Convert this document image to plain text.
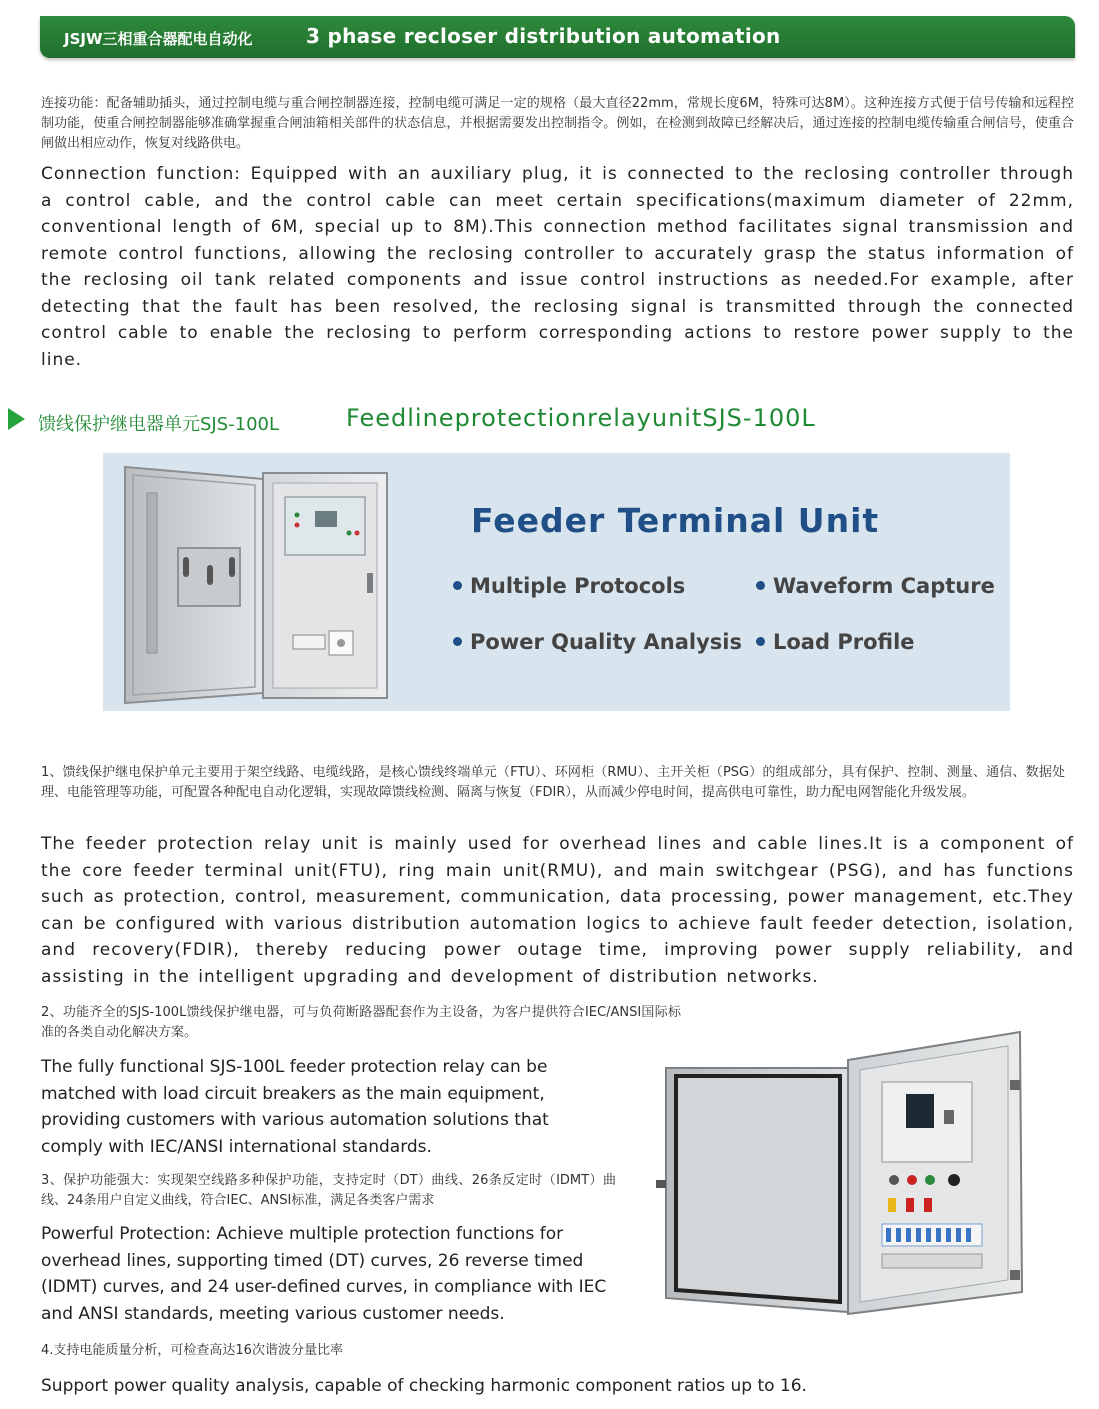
JSJW三相重合器配电自动化	3 phase recloser distribution automation
连接功能：配备辅助插头，通过控制电缆与重合闸控制器连接，控制电缆可满足一定的规格（最大直径22mm，常规长度6M，特殊可达8M）。这种连接方式便于信号传输和远程控制功能，使重合闸控制器能够准确掌握重合闸油箱相关部件的状态信息，并根据需要发出控制指令。例如，在检测到故障已经解决后，通过连接的控制电缆传输重合闸信号，使重合闸做出相应动作，恢复对线路供电。
Connection function: Equipped with an auxiliary plug, it is connected to the reclosing controller through a control cable, and the control cable can meet certain specifications(maximum diameter of 22mm, conventional length of 6M, special up to 8M).This connection method facilitates signal transmission and remote control functions, allowing the reclosing controller to accurately grasp the status information of the reclosing oil tank related components and issue control instructions as needed.For example, after detecting that the fault has been resolved, the reclosing signal is transmitted through the connected control cable to enable the reclosing to perform corresponding actions to restore power supply to the line.
馈线保护继电器单元SJS-100L	FeedlineprotectionrelayunitSJS-100L
Feeder Terminal Unit
Multiple Protocols	Waveform Capture
Power Quality Analysis	Load Profile
1、馈线保护继电保护单元主要用于架空线路、电缆线路，是核心馈线终端单元（FTU）、环网柜（RMU）、主开关柜（PSG）的组成部分，具有保护、控制、测量、通信、数据处理、电能管理等功能，可配置各种配电自动化逻辑，实现故障馈线检测、隔离与恢复（FDIR），从而减少停电时间，提高供电可靠性，助力配电网智能化升级发展。
The feeder protection relay unit is mainly used for overhead lines and cable lines.It is a component of the core feeder terminal unit(FTU), ring main unit(RMU), and main switchgear (PSG), and has functions such as protection, control, measurement, communication, data processing, power management, etc.They can be configured with various distribution automation logics to achieve fault feeder detection, isolation, and recovery(FDIR), thereby reducing power outage time, improving power supply reliability, and assisting in the intelligent upgrading and development of distribution networks.
2、功能齐全的SJS-100L馈线保护继电器，可与负荷断路器配套作为主设备，为客户提供符合IEC/ANSI国际标准的各类自动化解决方案。
The fully functional SJS-100L feeder protection relay can be matched with load circuit breakers as the main equipment, providing customers with various automation solutions that comply with IEC/ANSI international standards.
3、保护功能强大：实现架空线路多种保护功能，支持定时（DT）曲线、26条反定时（IDMT）曲线、24条用户自定义曲线，符合IEC、ANSI标准，满足各类客户需求
Powerful Protection: Achieve multiple protection functions for overhead lines, supporting timed (DT) curves, 26 reverse timed (IDMT) curves, and 24 user-defined curves, in compliance with IEC and ANSI standards, meeting various customer needs.
4.支持电能质量分析，可检查高达16次谐波分量比率
Support power quality analysis, capable of checking harmonic component ratios up to 16.
